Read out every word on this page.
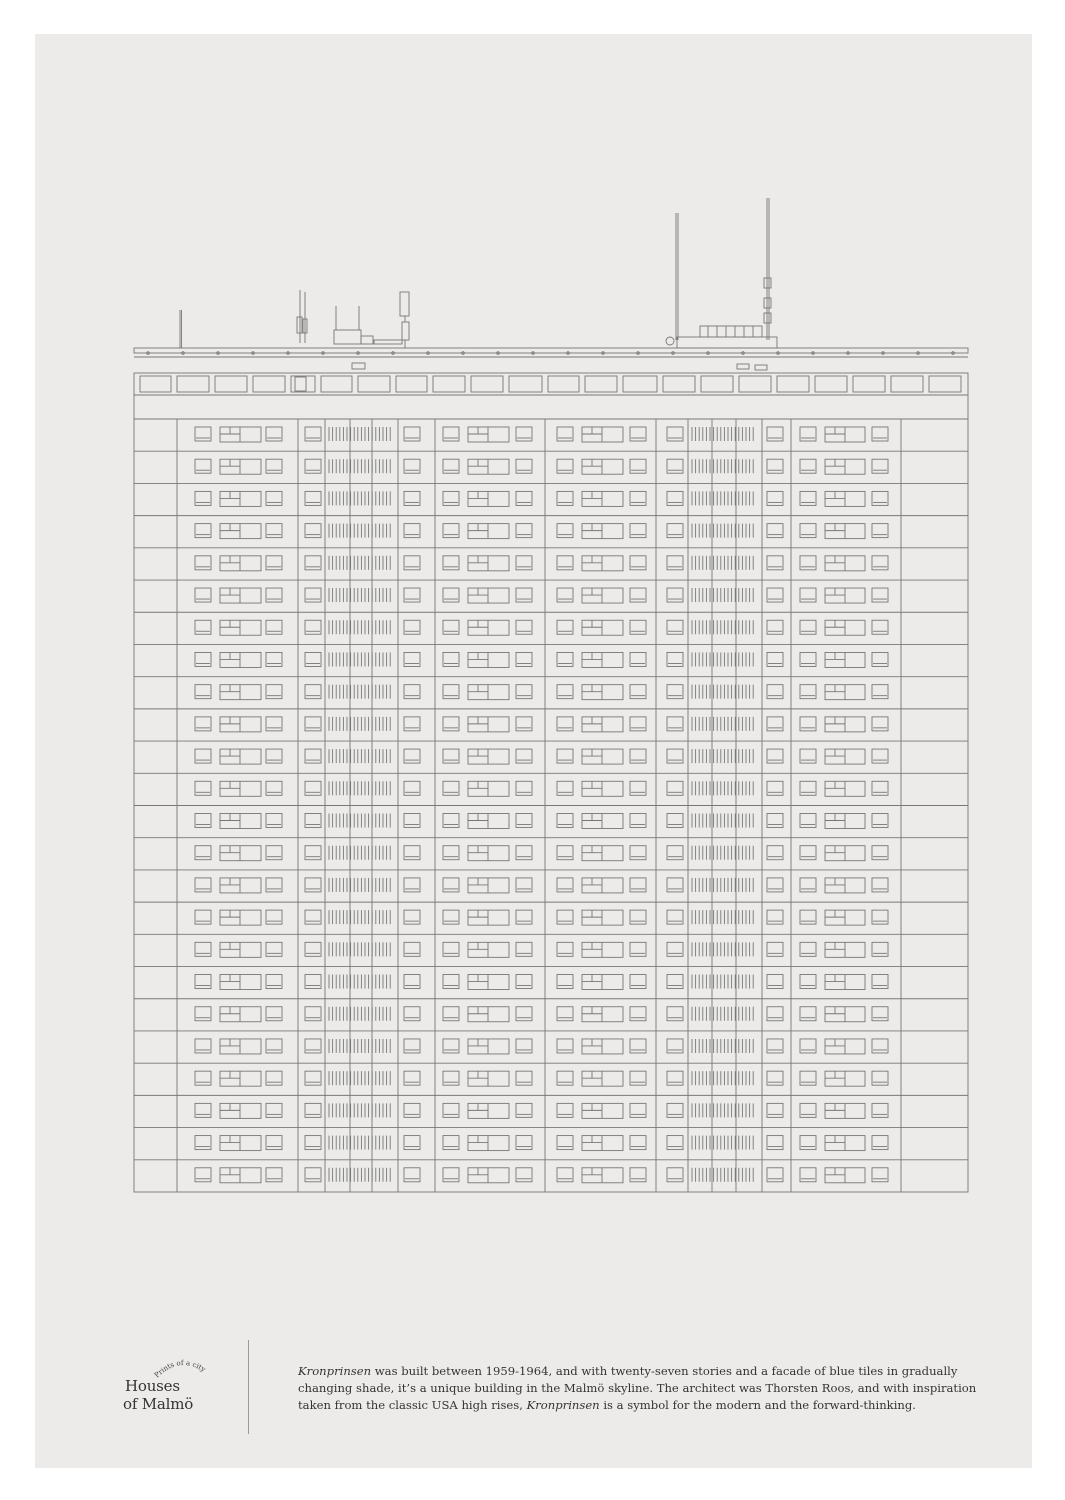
Prints of a city
Houses
of Malmö

Kronprinsen was built between 1959-1964, and with twenty-seven stories and a facade of blue tiles in gradually changing shade, it’s a unique building in the Malmö skyline. The architect was Thorsten Roos, and with inspiration taken from the classic USA high rises, Kronprinsen is a symbol for the modern and the forward-thinking.
